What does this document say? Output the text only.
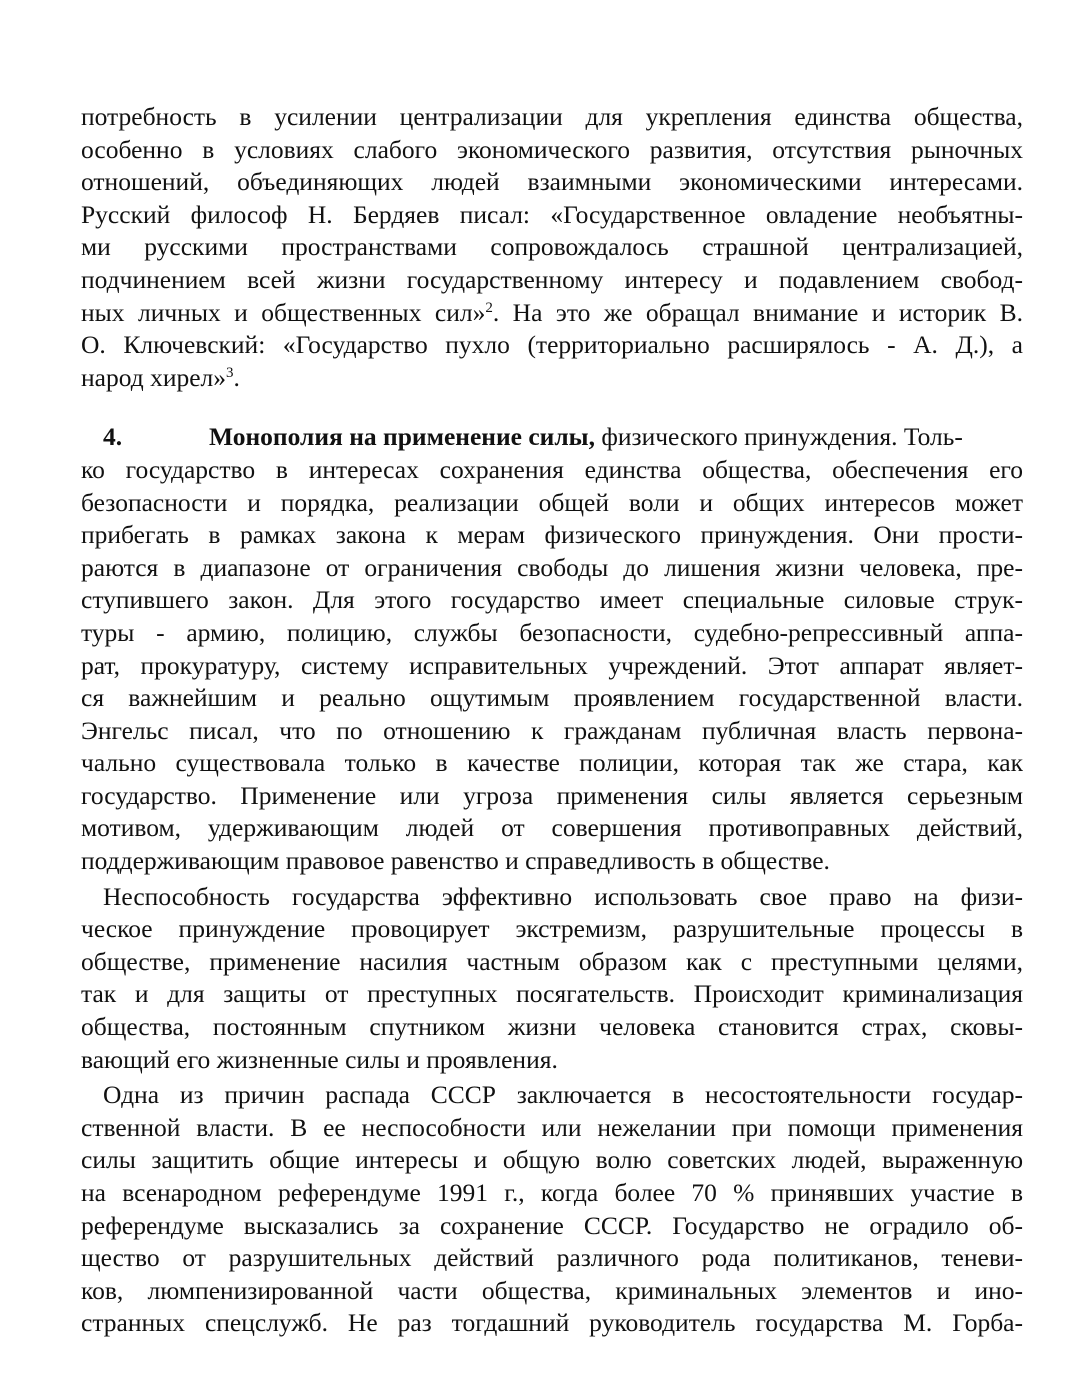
потребность в усилении централизации для укрепления единства общества,
особенно в условиях слабого экономического развития, отсутствия рыночных
отношений, объединяющих людей взаимными экономическими интересами.
Русский философ Н. Бердяев писал: «Государственное овладение необъятны-
ми русскими пространствами сопровождалось страшной централизацией,
подчинением всей жизни государственному интересу и подавлением свобод-
ных личных и общественных сил»$^2$. На это же обращал внимание и историк В.
О. Ключевский: «Государство пухло (территориально расширялось - А. Д.), а
народ хирел»$^3$.
4.	Монополия на применение силы, физического принуждения. Толь-
ко государство в интересах сохранения единства общества, обеспечения его
безопасности и порядка, реализации общей воли и общих интересов может
прибегать в рамках закона к мерам физического принуждения. Они прости-
раются в диапазоне от ограничения свободы до лишения жизни человека, пре-
ступившего закон. Для этого государство имеет специальные силовые струк-
туры - армию, полицию, службы безопасности, судебно-репрессивный аппа-
рат, прокуратуру, систему исправительных учреждений. Этот аппарат являет-
ся важнейшим и реально ощутимым проявлением государственной власти.
Энгельс писал, что по отношению к гражданам публичная власть первона-
чально существовала только в качестве полиции, которая так же стара, как
государство. Применение или угроза применения силы является серьезным
мотивом, удерживающим людей от совершения противоправных действий,
поддерживающим правовое равенство и справедливость в обществе.
Неспособность государства эффективно использовать свое право на физи-
ческое принуждение провоцирует экстремизм, разрушительные процессы в
обществе, применение насилия частным образом как с преступными целями,
так и для защиты от преступных посягательств. Происходит криминализация
общества, постоянным спутником жизни человека становится страх, сковы-
вающий его жизненные силы и проявления.
Одна из причин распада СССР заключается в несостоятельности государ-
ственной власти. В ее неспособности или нежелании при помощи применения
силы защитить общие интересы и общую волю советских людей, выраженную
на всенародном референдуме 1991 г., когда более 70 % принявших участие в
референдуме высказались за сохранение СССР. Государство не оградило об-
щество от разрушительных действий различного рода политиканов, теневи-
ков, люмпенизированной части общества, криминальных элементов и ино-
странных спецслужб. Не раз тогдашний руководитель государства М. Горба-
